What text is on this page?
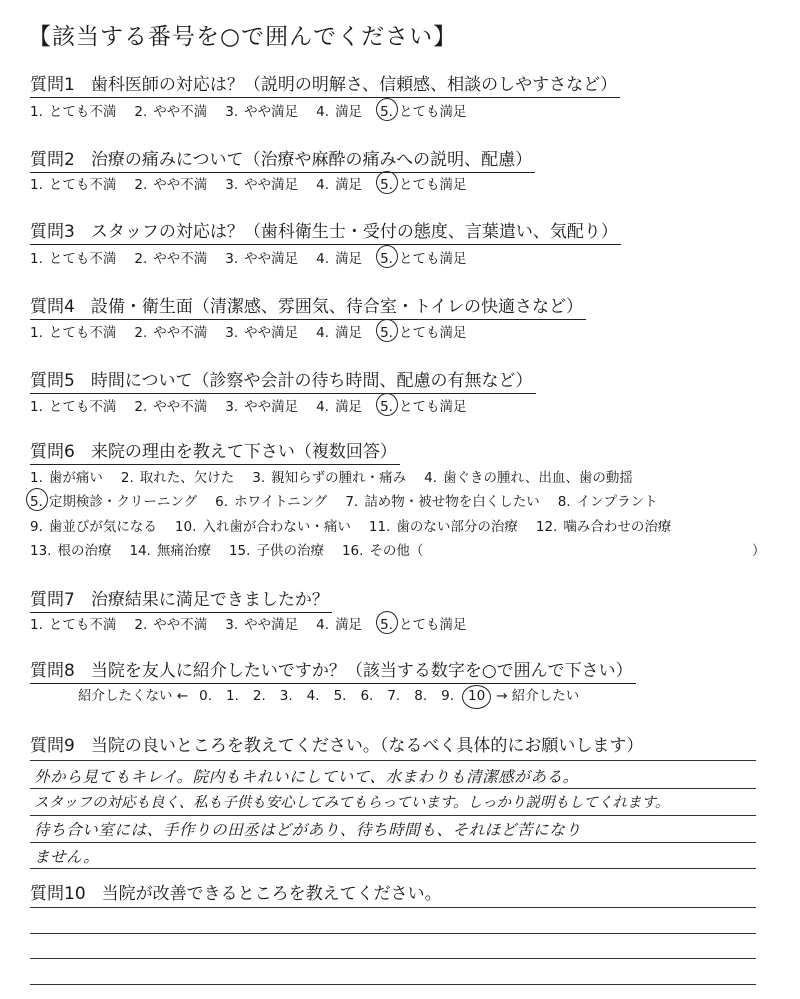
【該当する番号を○で囲んでください】
質問1 歯科医師の対応は？（説明の明解さ、信頼感、相談のしやすさなど）
1. とても不満 2. やや不満 3. やや満足 4. 満足 5. とても満足
質問2 治療の痛みについて（治療や麻酔の痛みへの説明、配慮）
1. とても不満 2. やや不満 3. やや満足 4. 満足 5. とても満足
質問3 スタッフの対応は？（歯科衛生士・受付の態度、言葉遣い、気配り）
1. とても不満 2. やや不満 3. やや満足 4. 満足 5. とても満足
質問4 設備・衛生面（清潔感、雰囲気、待合室・トイレの快適さなど）
1. とても不満 2. やや不満 3. やや満足 4. 満足 5. とても満足
質問5 時間について（診察や会計の待ち時間、配慮の有無など）
1. とても不満 2. やや不満 3. やや満足 4. 満足 5. とても満足
質問6 来院の理由を教えて下さい（複数回答）
1. 歯が痛い 2. 取れた、欠けた 3. 親知らずの腫れ・痛み 4. 歯ぐきの腫れ、出血、歯の動揺
5. 定期検診・クリーニング 6. ホワイトニング 7. 詰め物・被せ物を白くしたい 8. インプラント
9. 歯並びが気になる 10. 入れ歯が合わない・痛い 11. 歯のない部分の治療 12. 噛み合わせの治療
13. 根の治療 14. 無痛治療 15. 子供の治療 16. その他（	）
質問7 治療結果に満足できましたか？
1. とても不満 2. やや不満 3. やや満足 4. 満足 5. とても満足
質問8 当院を友人に紹介したいですか？（該当する数字を○で囲んで下さい）
紹介したくない ← 0. 1. 2. 3. 4. 5. 6. 7. 8. 9. 10 → 紹介したい
質問9 当院の良いところを教えてください。（なるべく具体的にお願いします）
外から見てもキレイ。院内もキれいにしていて、水まわりも清潔感がある。
スタッフの対応も良く、私も子供も安心してみてもらっています。しっかり説明もしてくれます。
待ち合い室には、手作りの田丞はどがあり、待ち時間も、それほど苦になり
ません。
質問10 当院が改善できるところを教えてください。
